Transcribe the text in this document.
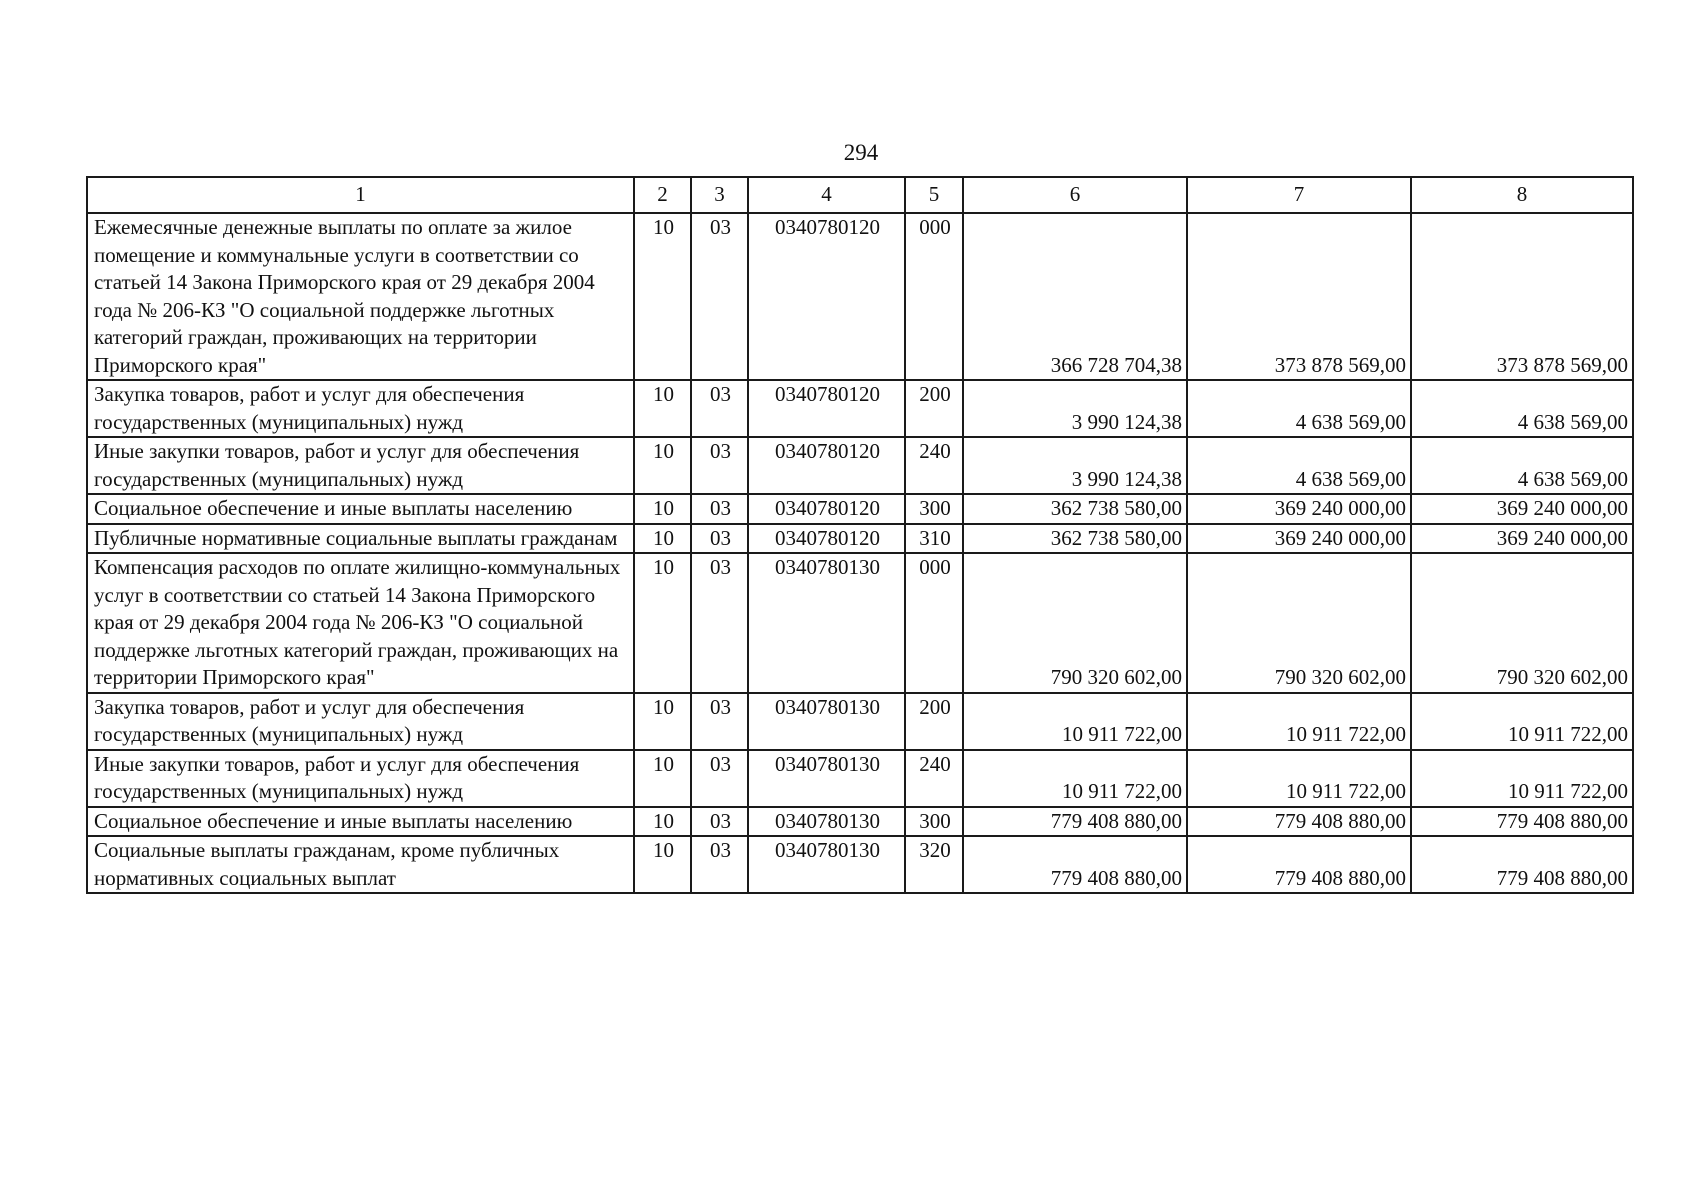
294
1	2	3	4	5	6	7	8
Ежемесячные денежные выплаты по оплате за жилое помещение и коммунальные услуги в соответствии со статьей 14 Закона Приморского края от 29 декабря 2004 года № 206-КЗ "О социальной поддержке льготных категорий граждан, проживающих на территории Приморского края"	10	03	0340780120	000	366 728 704,38	373 878 569,00	373 878 569,00
Закупка товаров, работ и услуг для обеспечения государственных (муниципальных) нужд	10	03	0340780120	200	3 990 124,38	4 638 569,00	4 638 569,00
Иные закупки товаров, работ и услуг для обеспечения государственных (муниципальных) нужд	10	03	0340780120	240	3 990 124,38	4 638 569,00	4 638 569,00
Социальное обеспечение и иные выплаты населению	10	03	0340780120	300	362 738 580,00	369 240 000,00	369 240 000,00
Публичные нормативные социальные выплаты гражданам	10	03	0340780120	310	362 738 580,00	369 240 000,00	369 240 000,00
Компенсация расходов по оплате жилищно-коммунальных услуг в соответствии со статьей 14 Закона Приморского края от 29 декабря 2004 года № 206-КЗ "О социальной поддержке льготных категорий граждан, проживающих на территории Приморского края"	10	03	0340780130	000	790 320 602,00	790 320 602,00	790 320 602,00
Закупка товаров, работ и услуг для обеспечения государственных (муниципальных) нужд	10	03	0340780130	200	10 911 722,00	10 911 722,00	10 911 722,00
Иные закупки товаров, работ и услуг для обеспечения государственных (муниципальных) нужд	10	03	0340780130	240	10 911 722,00	10 911 722,00	10 911 722,00
Социальное обеспечение и иные выплаты населению	10	03	0340780130	300	779 408 880,00	779 408 880,00	779 408 880,00
Социальные выплаты гражданам, кроме публичных нормативных социальных выплат	10	03	0340780130	320	779 408 880,00	779 408 880,00	779 408 880,00
